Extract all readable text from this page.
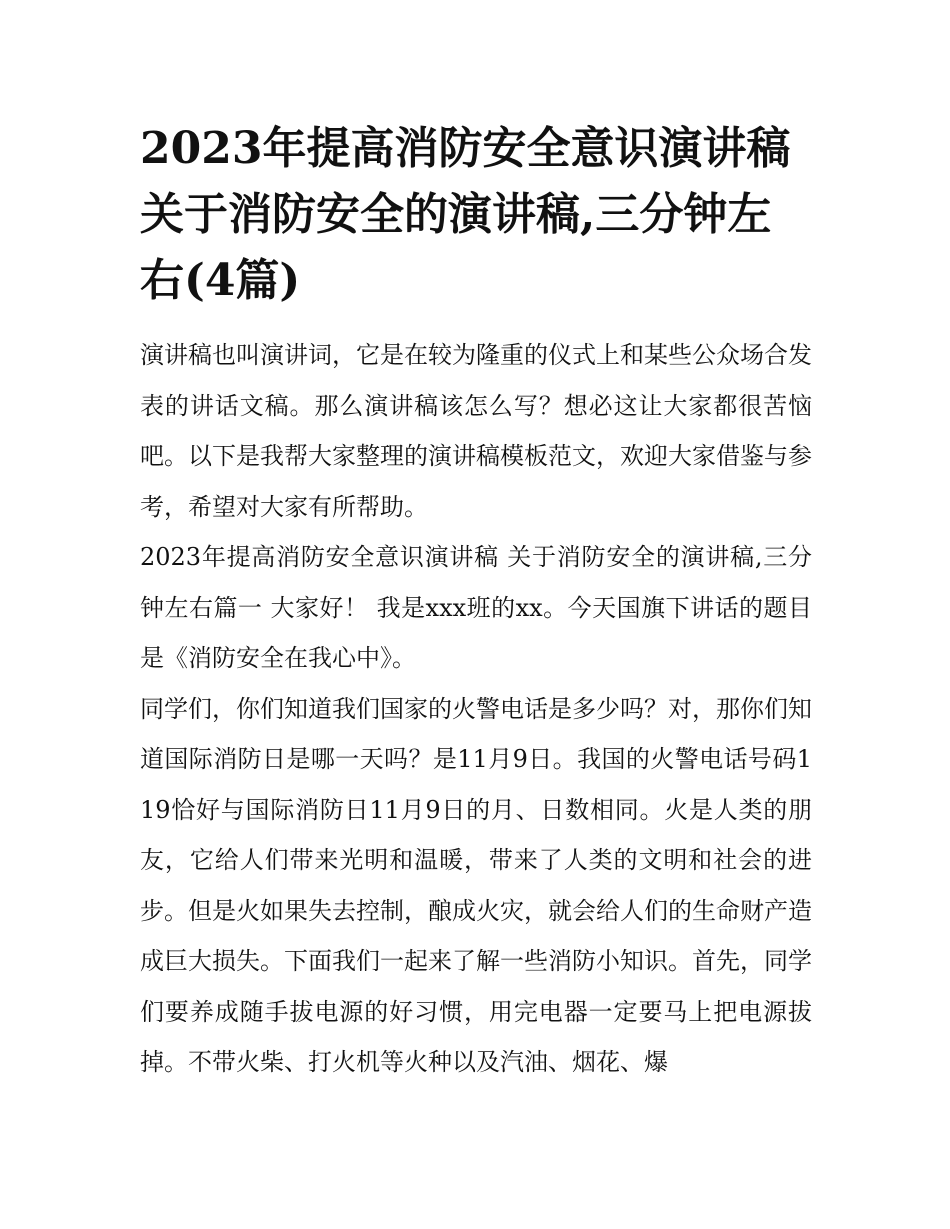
2023年提高消防安全意识演讲稿 关于消防安全的演讲稿,三分钟左右(4篇)

演讲稿也叫演讲词，它是在较为隆重的仪式上和某些公众场合发表的讲话文稿。那么演讲稿该怎么写？想必这让大家都很苦恼吧。以下是我帮大家整理的演讲稿模板范文，欢迎大家借鉴与参考，希望对大家有所帮助。

2023年提高消防安全意识演讲稿 关于消防安全的演讲稿,三分钟左右篇一 大家好！ 我是xxx班的xx。今天国旗下讲话的题目是《消防安全在我心中》。

同学们，你们知道我们国家的火警电话是多少吗？对，那你们知道国际消防日是哪一天吗？是11月9日。我国的火警电话号码119恰好与国际消防日11月9日的月、日数相同。火是人类的朋友，它给人们带来光明和温暖，带来了人类的文明和社会的进步。但是火如果失去控制，酿成火灾，就会给人们的生命财产造成巨大损失。下面我们一起来了解一些消防小知识。首先，同学们要养成随手拔电源的好习惯，用完电器一定要马上把电源拔掉。不带火柴、打火机等火种以及汽油、烟花、爆
